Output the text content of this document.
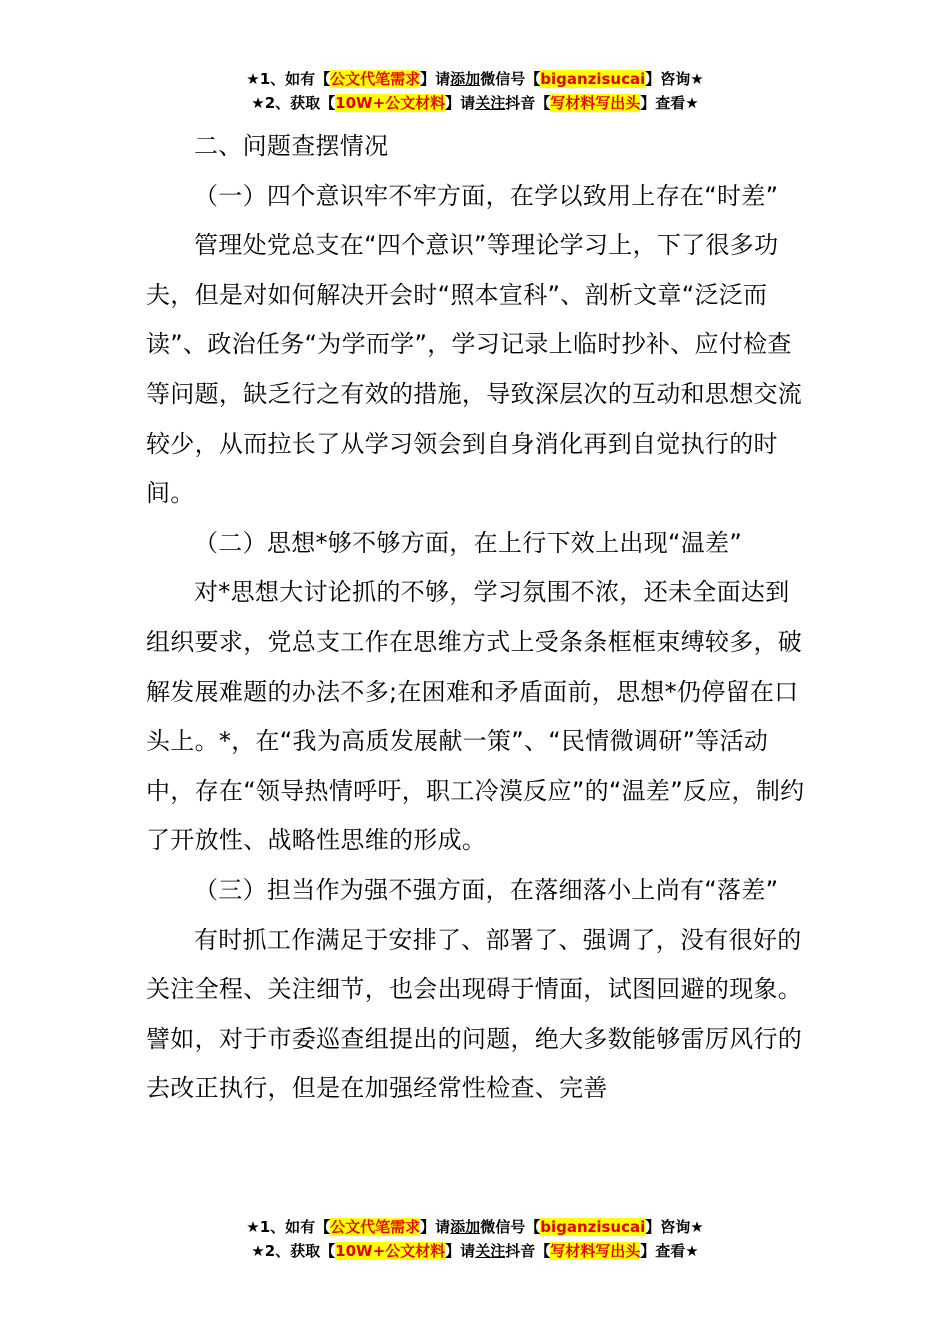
★1、如有【公文代笔需求】请添加微信号【biganzisucai】咨询★
★2、获取【10W+公文材料】请关注抖音【写材料写出头】查看★

二、问题查摆情况

（一）四个意识牢不牢方面，在学以致用上存在“时差”

管理处党总支在“四个意识”等理论学习上，下了很多功夫，但是对如何解决开会时“照本宣科”、剖析文章“泛泛而读”、政治任务“为学而学”，学习记录上临时抄补、应付检查等问题，缺乏行之有效的措施，导致深层次的互动和思想交流较少，从而拉长了从学习领会到自身消化再到自觉执行的时间。

（二）思想*够不够方面，在上行下效上出现“温差”

对*思想大讨论抓的不够，学习氛围不浓，还未全面达到组织要求，党总支工作在思维方式上受条条框框束缚较多，破解发展难题的办法不多;在困难和矛盾面前，思想*仍停留在口头上。*，在“我为高质发展献一策”、“民情微调研”等活动中，存在“领导热情呼吁，职工冷漠反应”的“温差”反应，制约了开放性、战略性思维的形成。

（三）担当作为强不强方面，在落细落小上尚有“落差”

有时抓工作满足于安排了、部署了、强调了，没有很好的关注全程、关注细节，也会出现碍于情面，试图回避的现象。譬如，对于市委巡查组提出的问题，绝大多数能够雷厉风行的去改正执行，但是在加强经常性检查、完善

★1、如有【公文代笔需求】请添加微信号【biganzisucai】咨询★
★2、获取【10W+公文材料】请关注抖音【写材料写出头】查看★
